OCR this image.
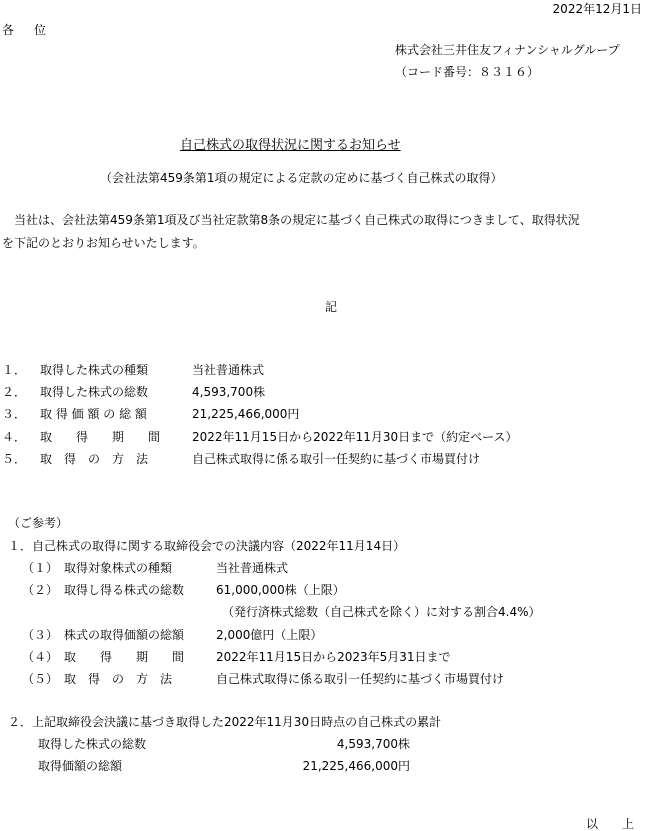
2022年12月1日
各　位
株式会社三井住友フィナンシャルグループ
（コード番号：８３１６）
自己株式の取得状況に関するお知らせ
（会社法第459条第1項の規定による定款の定めに基づく自己株式の取得）
当社は、会社法第459条第1項及び当社定款第8条の規定に基づく自己株式の取得につきまして、取得状況
を下記のとおりお知らせいたします。
記
１． 取得した株式の種類	当社普通株式
２． 取得した株式の総数	4,593,700株
３． 取 得 価 額 の 総 額	21,225,466,000円
４． 取　　得　　期　　間	2022年11月15日から2022年11月30日まで（約定ベース）
５． 取　得　の　方　法	自己株式取得に係る取引一任契約に基づく市場買付け
（ご参考）
１．自己株式の取得に関する取締役会での決議内容（2022年11月14日）
（１） 取得対象株式の種類	当社普通株式
（２） 取得し得る株式の総数	61,000,000株（上限）
（発行済株式総数（自己株式を除く）に対する割合4.4%）
（３） 株式の取得価額の総額	2,000億円（上限）
（４） 取　　得　　期　　間	2022年11月15日から2023年5月31日まで
（５） 取　得　の　方　法	自己株式取得に係る取引一任契約に基づく市場買付け
２．上記取締役会決議に基づき取得した2022年11月30日時点の自己株式の累計
取得した株式の総数	4,593,700株
取得価額の総額	21,225,466,000円
以　上
